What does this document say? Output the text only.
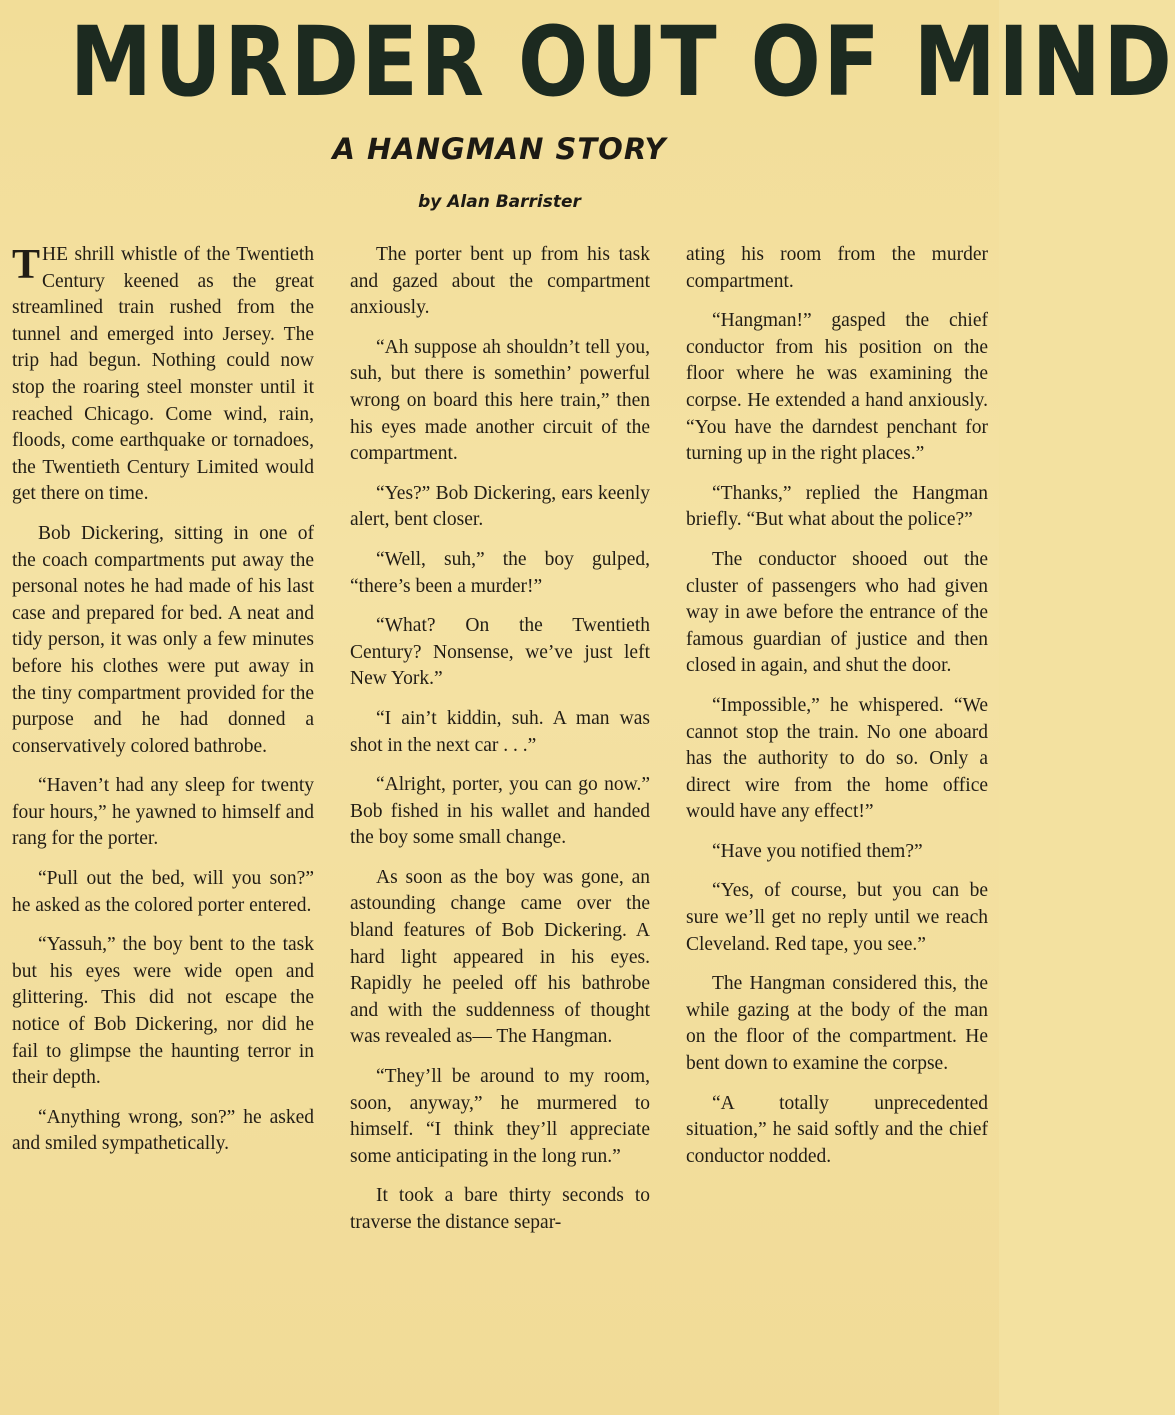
MURDER OUT OF MIND
A HANGMAN STORY
by Alan Barrister

THE shrill whistle of the Twentieth Century keened as the great streamlined train rushed from the tunnel and emerged into Jersey. The trip had begun. Nothing could now stop the roaring steel monster until it reached Chicago. Come wind, rain, floods, come earthquake or tornadoes, the Twentieth Century Limited would get there on time.

Bob Dickering, sitting in one of the coach compartments put away the personal notes he had made of his last case and prepared for bed. A neat and tidy person, it was only a few minutes before his clothes were put away in the tiny compartment provided for the purpose and he had donned a conservatively colored bathrobe.

“Haven’t had any sleep for twenty four hours,” he yawned to himself and rang for the porter.

“Pull out the bed, will you son?” he asked as the colored porter entered.

“Yassuh,” the boy bent to the task but his eyes were wide open and glittering. This did not escape the notice of Bob Dickering, nor did he fail to glimpse the haunting terror in their depth.

“Anything wrong, son?” he asked and smiled sympathetically.

The porter bent up from his task and gazed about the compartment anxiously.

“Ah suppose ah shouldn’t tell you, suh, but there is somethin’ powerful wrong on board this here train,” then his eyes made another circuit of the compartment.

“Yes?” Bob Dickering, ears keenly alert, bent closer.

“Well, suh,” the boy gulped, “there’s been a murder!”

“What? On the Twentieth Century? Nonsense, we’ve just left New York.”

“I ain’t kiddin, suh. A man was shot in the next car . . .”

“Alright, porter, you can go now.” Bob fished in his wallet and handed the boy some small change.

As soon as the boy was gone, an astounding change came over the bland features of Bob Dickering. A hard light appeared in his eyes. Rapidly he peeled off his bathrobe and with the suddenness of thought was revealed as— The Hangman.

“They’ll be around to my room, soon, anyway,” he murmered to himself. “I think they’ll appreciate some anticipating in the long run.”

It took a bare thirty seconds to traverse the distance separ-

ating his room from the murder compartment.

“Hangman!” gasped the chief conductor from his position on the floor where he was examining the corpse. He extended a hand anxiously. “You have the darndest penchant for turning up in the right places.”

“Thanks,” replied the Hangman briefly. “But what about the police?”

The conductor shooed out the cluster of passengers who had given way in awe before the entrance of the famous guardian of justice and then closed in again, and shut the door.

“Impossible,” he whispered. “We cannot stop the train. No one aboard has the authority to do so. Only a direct wire from the home office would have any effect!”

“Have you notified them?”

“Yes, of course, but you can be sure we’ll get no reply until we reach Cleveland. Red tape, you see.”

The Hangman considered this, the while gazing at the body of the man on the floor of the compartment. He bent down to examine the corpse.

“A totally unprecedented situation,” he said softly and the chief conductor nodded.
